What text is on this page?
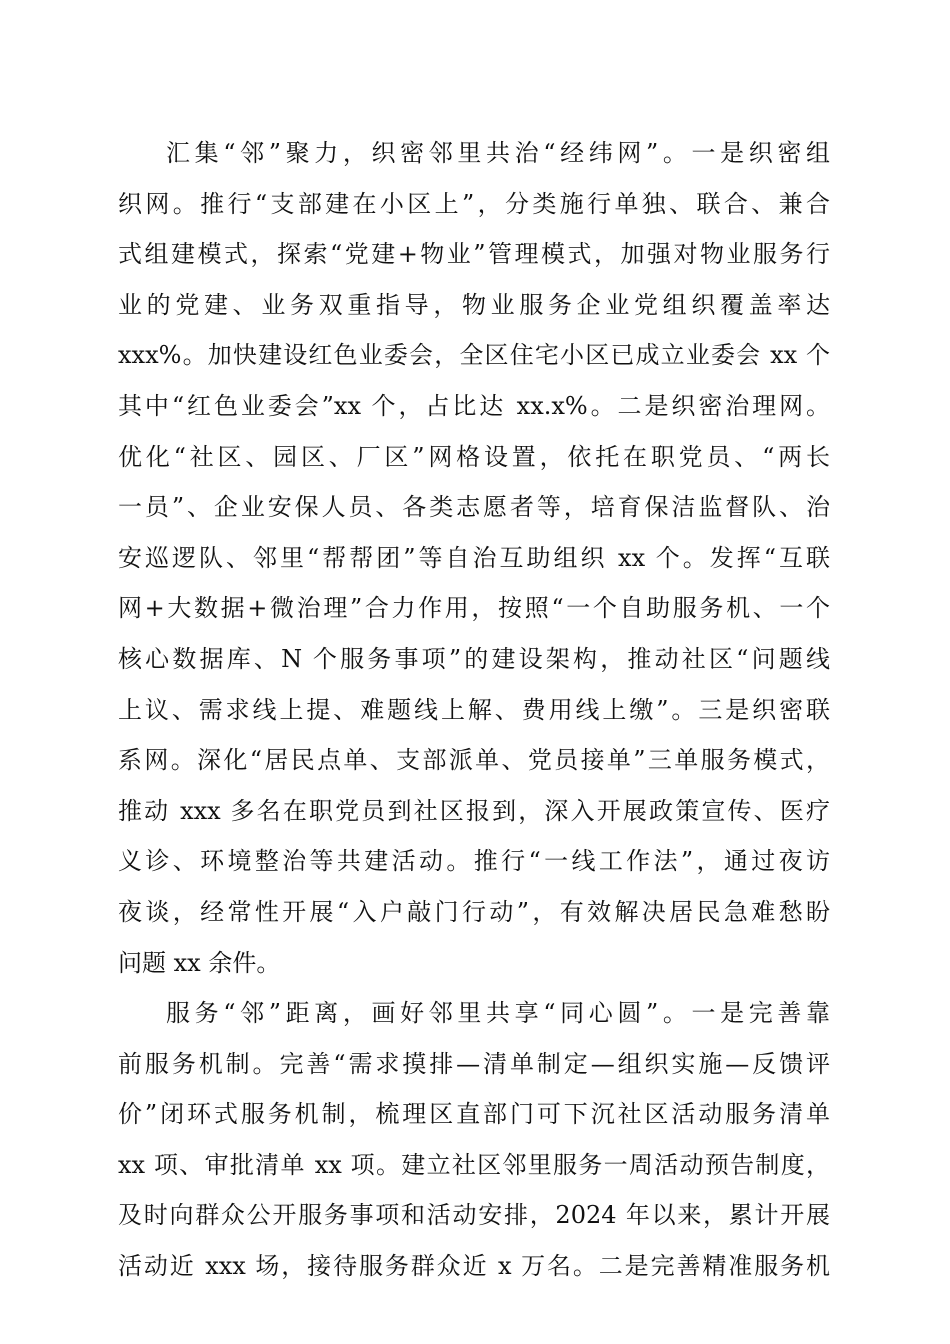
汇集“邻”聚力，织密邻里共治“经纬网”。一是织密组
织网。推行“支部建在小区上”，分类施行单独、联合、兼合
式组建模式，探索“党建+物业”管理模式，加强对物业服务行
业的党建、业务双重指导，物业服务企业党组织覆盖率达
xxx%。加快建设红色业委会，全区住宅小区已成立业委会 xx 个
其中“红色业委会”xx 个，占比达 xx.x%。二是织密治理网。
优化“社区、园区、厂区”网格设置，依托在职党员、“两长
一员”、企业安保人员、各类志愿者等，培育保洁监督队、治
安巡逻队、邻里“帮帮团”等自治互助组织 xx 个。发挥“互联
网+大数据+微治理”合力作用，按照“一个自助服务机、一个
核心数据库、N 个服务事项”的建设架构，推动社区“问题线
上议、需求线上提、难题线上解、费用线上缴”。三是织密联
系网。深化“居民点单、支部派单、党员接单”三单服务模式，
推动 xxx 多名在职党员到社区报到，深入开展政策宣传、医疗
义诊、环境整治等共建活动。推行“一线工作法”，通过夜访
夜谈，经常性开展“入户敲门行动”，有效解决居民急难愁盼
问题 xx 余件。
服务“邻”距离，画好邻里共享“同心圆”。一是完善靠
前服务机制。完善“需求摸排—清单制定—组织实施—反馈评
价”闭环式服务机制，梳理区直部门可下沉社区活动服务清单
xx 项、审批清单 xx 项。建立社区邻里服务一周活动预告制度，
及时向群众公开服务事项和活动安排，2024 年以来，累计开展
活动近 xxx 场，接待服务群众近 x 万名。二是完善精准服务机
